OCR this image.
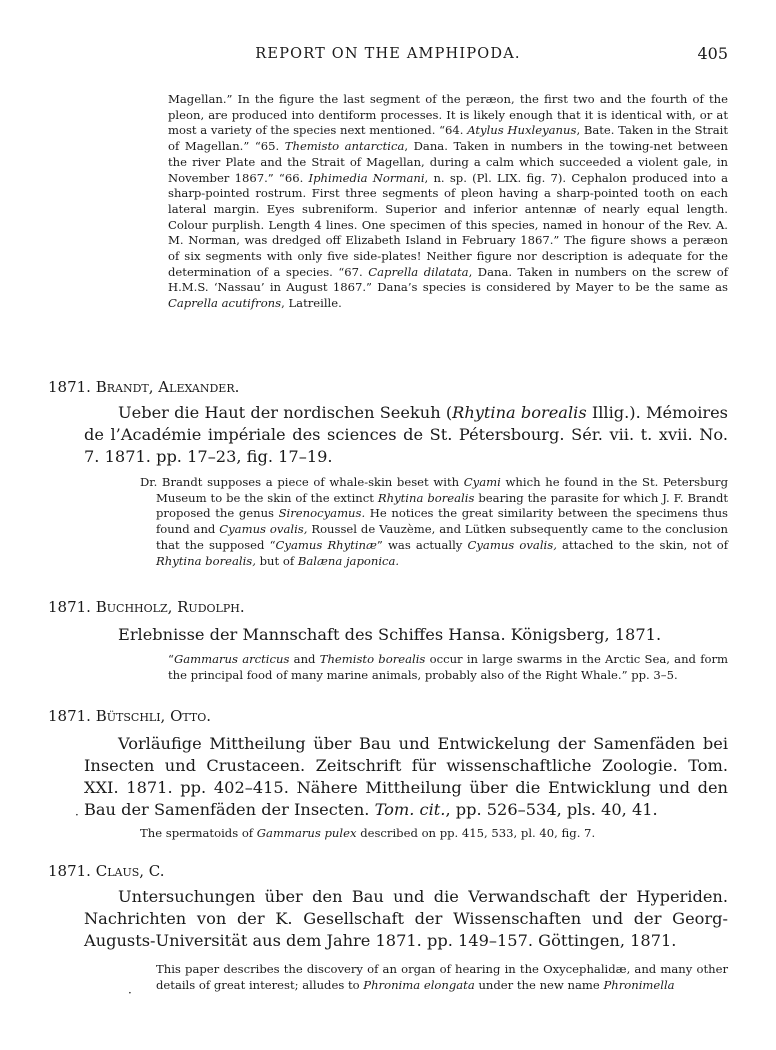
REPORT ON THE AMPHIPODA.	405

Magellan.” In the figure the last segment of the peræon, the first two and the fourth of the pleon, are produced into dentiform processes. It is likely enough that it is identical with, or at most a variety of the species next mentioned. “64. Atylus Huxleyanus, Bate. Taken in the Strait of Magellan.” “65. Themisto antarctica, Dana. Taken in numbers in the towing-net between the river Plate and the Strait of Magellan, during a calm which succeeded a violent gale, in November 1867.” “66. Iphimedia Normani, n. sp. (Pl. LIX. fig. 7). Cephalon produced into a sharp-pointed rostrum. First three segments of pleon having a sharp-pointed tooth on each lateral margin. Eyes subreniform. Superior and inferior antennæ of nearly equal length. Colour purplish. Length 4 lines. One specimen of this species, named in honour of the Rev. A. M. Norman, was dredged off Elizabeth Island in February 1867.” The figure shows a peræon of six segments with only five side-plates! Neither figure nor description is adequate for the determination of a species. “67. Caprella dilatata, Dana. Taken in numbers on the screw of H.M.S. ‘Nassau’ in August 1867.” Dana’s species is considered by Mayer to be the same as Caprella acutifrons, Latreille.

1871. Brandt, Alexander.

Ueber die Haut der nordischen Seekuh (Rhytina borealis Illig.). Mémoires de l’Académie impériale des sciences de St. Pétersbourg. Sér. vii. t. xvii. No. 7. 1871. pp. 17–23, fig. 17–19.

Dr. Brandt supposes a piece of whale-skin beset with Cyami which he found in the St. Petersburg Museum to be the skin of the extinct Rhytina borealis bearing the parasite for which J. F. Brandt proposed the genus Sirenocyamus. He notices the great similarity between the specimens thus found and Cyamus ovalis, Roussel de Vauzème, and Lütken subsequently came to the conclusion that the supposed “Cyamus Rhytinæ” was actually Cyamus ovalis, attached to the skin, not of Rhytina borealis, but of Balæna japonica.

1871. Buchholz, Rudolph.

Erlebnisse der Mannschaft des Schiffes Hansa. Königsberg, 1871.

“Gammarus arcticus and Themisto borealis occur in large swarms in the Arctic Sea, and form the principal food of many marine animals, probably also of the Right Whale.” pp. 3–5.

1871. Bütschli, Otto.

Vorläufige Mittheilung über Bau und Entwickelung der Samenfäden bei Insecten und Crustaceen. Zeitschrift für wissenschaftliche Zoologie. Tom. XXI. 1871. pp. 402–415. Nähere Mittheilung über die Entwicklung und den Bau der Samenfäden der Insecten. Tom. cit., pp. 526–534, pls. 40, 41.

·

The spermatoids of Gammarus pulex described on pp. 415, 533, pl. 40, fig. 7.

1871. Claus, C.

Untersuchungen über den Bau und die Verwandschaft der Hyperiden. Nachrichten von der K. Gesellschaft der Wissenschaften und der Georg-Augusts-Universität aus dem Jahre 1871. pp. 149–157. Göttingen, 1871.

This paper describes the discovery of an organ of hearing in the Oxycephalidæ, and many other details of great interest; alludes to Phronima elongata under the new name Phronimella

·
